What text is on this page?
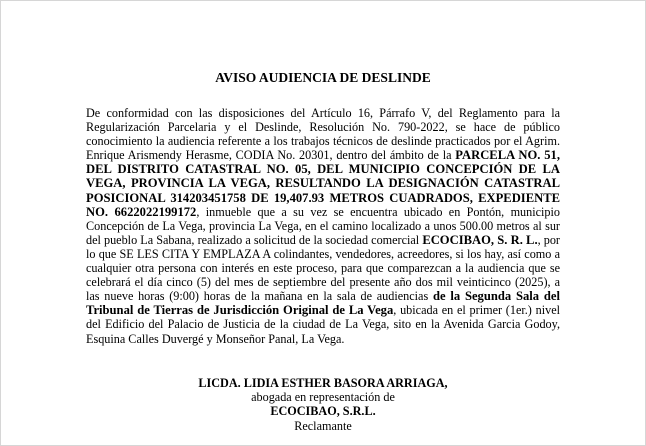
AVISO AUDIENCIA DE DESLINDE
De conformidad con las disposiciones del Artículo 16, Párrafo V, del Reglamento para la Regularización Parcelaria y el Deslinde, Resolución No. 790-2022, se hace de público conocimiento la audiencia referente a los trabajos técnicos de deslinde practicados por el Agrim. Enrique Arismendy Herasme, CODIA No. 20301, dentro del ámbito de la PARCELA NO. 51, DEL DISTRITO CATASTRAL NO. 05, DEL MUNICIPIO CONCEPCIÓN DE LA VEGA, PROVINCIA LA VEGA, RESULTANDO LA DESIGNACIÓN CATASTRAL POSICIONAL 314203451758 DE 19,407.93 METROS CUADRADOS, EXPEDIENTE NO. 6622022199172, inmueble que a su vez se encuentra ubicado en Pontón, municipio Concepción de La Vega, provincia La Vega, en el camino localizado a unos 500.00 metros al sur del pueblo La Sabana, realizado a solicitud de la sociedad comercial ECOCIBAO, S. R. L., por lo que SE LES CITA Y EMPLAZA A colindantes, vendedores, acreedores, si los hay, así como a cualquier otra persona con interés en este proceso, para que comparezcan a la audiencia que se celebrará el día cinco (5) del mes de septiembre del presente año dos mil veinticinco (2025), a las nueve horas (9:00) horas de la mañana en la sala de audiencias de la Segunda Sala del Tribunal de Tierras de Jurisdicción Original de La Vega, ubicada en el primer (1er.) nivel del Edificio del Palacio de Justicia de la ciudad de La Vega, sito en la Avenida Garcia Godoy, Esquina Calles Duvergé y Monseñor Panal, La Vega.
LICDA. LIDIA ESTHER BASORA ARRIAGA,
abogada en representación de
ECOCIBAO, S.R.L.
Reclamante
